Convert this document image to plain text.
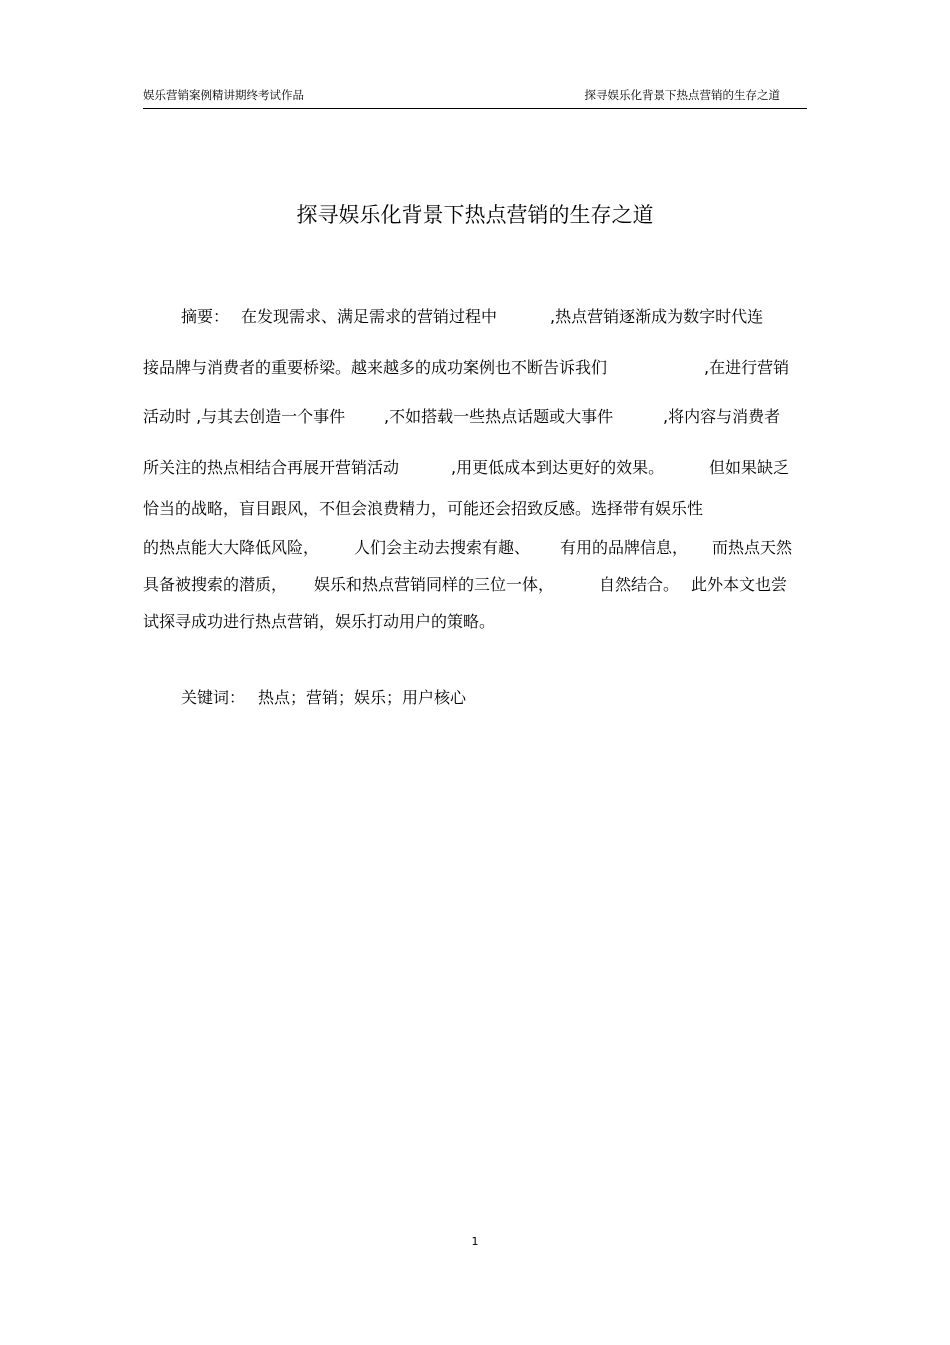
娱乐营销案例精讲期终考试作品	探寻娱乐化背景下热点营销的生存之道
探寻娱乐化背景下热点营销的生存之道

摘要：

在发现需求、满足需求的营销过程中

	,热点营销逐渐成为数字时代连

接品牌与消费者的重要桥梁。越来越多的成功案例也不断告诉我们

	,在进行营销

活动时 ,与其去创造一个事件

,不如搭载一些热点话题或大事件

	,将内容与消费者

所关注的热点相结合再展开营销活动

	,用更低成本到达更好的效果。

	但如果缺乏

恰当的战略，盲目跟风，不但会浪费精力，可能还会招致反感。选择带有娱乐性

的热点能大大降低风险，

人们会主动去搜索有趣、

有用的品牌信息，

而热点天然

具备被搜索的潜质，

娱乐和热点营销同样的三位一体，

	自然结合。

此外本文也尝

试探寻成功进行热点营销，娱乐打动用户的策略。

关键词：

热点；营销；娱乐；用户核心

1
